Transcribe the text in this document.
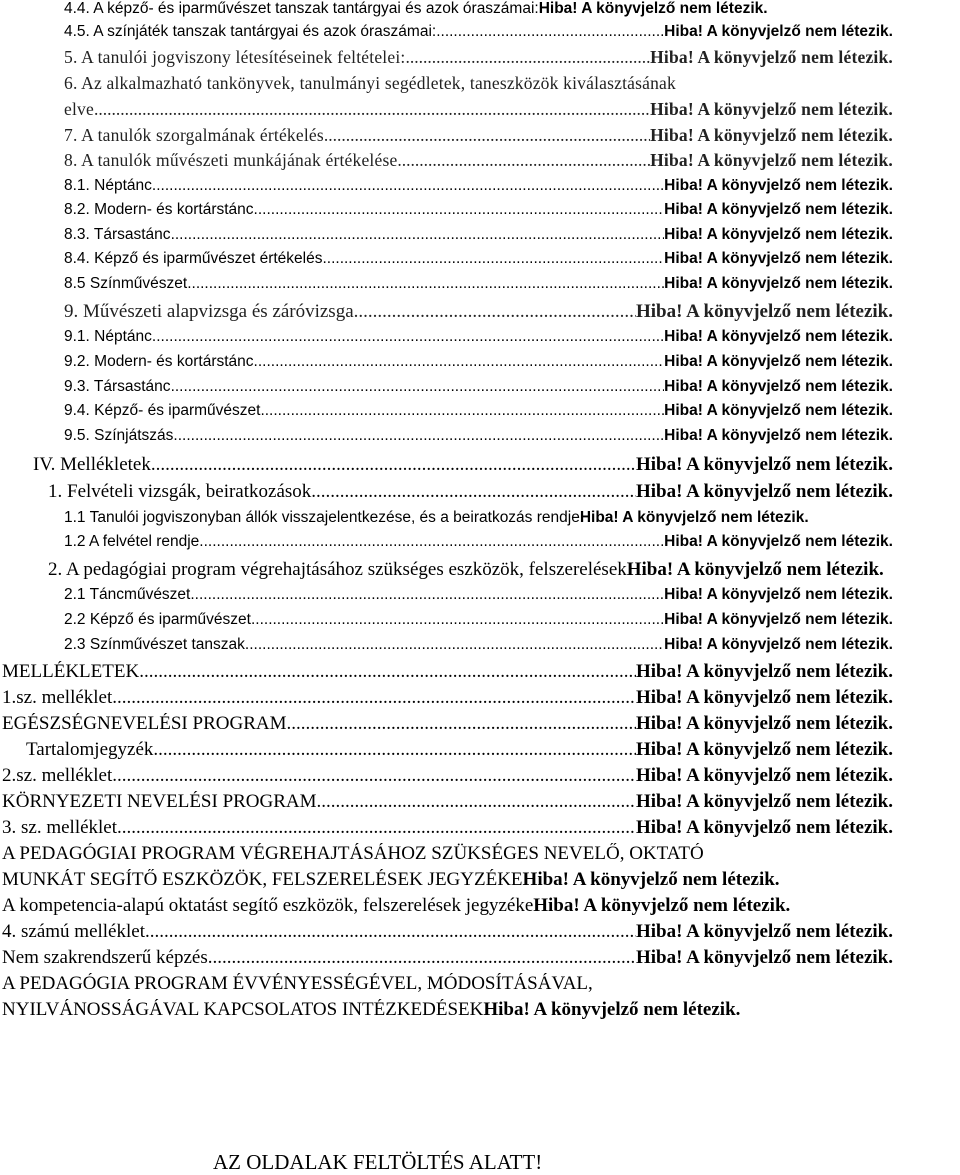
4.4. A képző- és iparművészet tanszak tantárgyai és azok óraszámai: Hiba! A könyvjelző nem létezik.
4.5. A színjáték tanszak tantárgyai és azok óraszámai: .....	Hiba! A könyvjelző nem létezik.
5. A tanulói jogviszony létesítéseinek feltételei: .....	Hiba! A könyvjelző nem létezik.
6. Az alkalmazható tankönyvek, tanulmányi segédletek, taneszközök kiválasztásának
elve .....	Hiba! A könyvjelző nem létezik.
7. A tanulók szorgalmának értékelés .....	Hiba! A könyvjelző nem létezik.
8. A tanulók művészeti munkájának értékelése .....	Hiba! A könyvjelző nem létezik.
8.1. Néptánc .....	Hiba! A könyvjelző nem létezik.
8.2. Modern- és kortárstánc .....	Hiba! A könyvjelző nem létezik.
8.3. Társastánc .....	Hiba! A könyvjelző nem létezik.
8.4. Képző és iparművészet értékelés .....	Hiba! A könyvjelző nem létezik.
8.5 Színművészet .....	Hiba! A könyvjelző nem létezik.
9. Művészeti alapvizsga és záróvizsga .....	Hiba! A könyvjelző nem létezik.
9.1. Néptánc .....	Hiba! A könyvjelző nem létezik.
9.2. Modern- és kortárstánc .....	Hiba! A könyvjelző nem létezik.
9.3. Társastánc .....	Hiba! A könyvjelző nem létezik.
9.4. Képző- és iparművészet .....	Hiba! A könyvjelző nem létezik.
9.5. Színjátszás .....	Hiba! A könyvjelző nem létezik.
IV. Mellékletek .....	Hiba! A könyvjelző nem létezik.
1. Felvételi vizsgák, beiratkozások .....	Hiba! A könyvjelző nem létezik.
1.1 Tanulói jogviszonyban állók visszajelentkezése, és a beiratkozás rendje Hiba! A könyvjelző nem létezik.
1.2 A felvétel rendje .....	Hiba! A könyvjelző nem létezik.
2. A pedagógiai program végrehajtásához szükséges eszközök, felszerelések Hiba! A könyvjelző nem létezik.
2.1 Táncművészet .....	Hiba! A könyvjelző nem létezik.
2.2 Képző és iparművészet .....	Hiba! A könyvjelző nem létezik.
2.3 Színművészet tanszak .....	Hiba! A könyvjelző nem létezik.
MELLÉKLETEK .....	Hiba! A könyvjelző nem létezik.
1.sz. melléklet .....	Hiba! A könyvjelző nem létezik.
EGÉSZSÉGNEVELÉSI PROGRAM .....	Hiba! A könyvjelző nem létezik.
Tartalomjegyzék .....	Hiba! A könyvjelző nem létezik.
2.sz. melléklet .....	Hiba! A könyvjelző nem létezik.
KÖRNYEZETI NEVELÉSI PROGRAM .....	Hiba! A könyvjelző nem létezik.
3. sz. melléklet .....	Hiba! A könyvjelző nem létezik.
A PEDAGÓGIAI PROGRAM VÉGREHAJTÁSÁHOZ SZÜKSÉGES NEVELŐ, OKTATÓ
MUNKÁT SEGÍTŐ ESZKÖZÖK, FELSZERELÉSEK JEGYZÉKE Hiba! A könyvjelző nem létezik.
A kompetencia-alapú oktatást segítő eszközök, felszerelések jegyzéke Hiba! A könyvjelző nem létezik.
4. számú melléklet .....	Hiba! A könyvjelző nem létezik.
Nem szakrendszerű képzés .....	Hiba! A könyvjelző nem létezik.
A PEDAGÓGIA PROGRAM ÉVVÉNYESSÉGÉVEL, MÓDOSÍTÁSÁVAL,
NYILVÁNOSSÁGÁVAL KAPCSOLATOS INTÉZKEDÉSEK Hiba! A könyvjelző nem létezik.
AZ OLDALAK FELTÖLTÉS ALATT!
